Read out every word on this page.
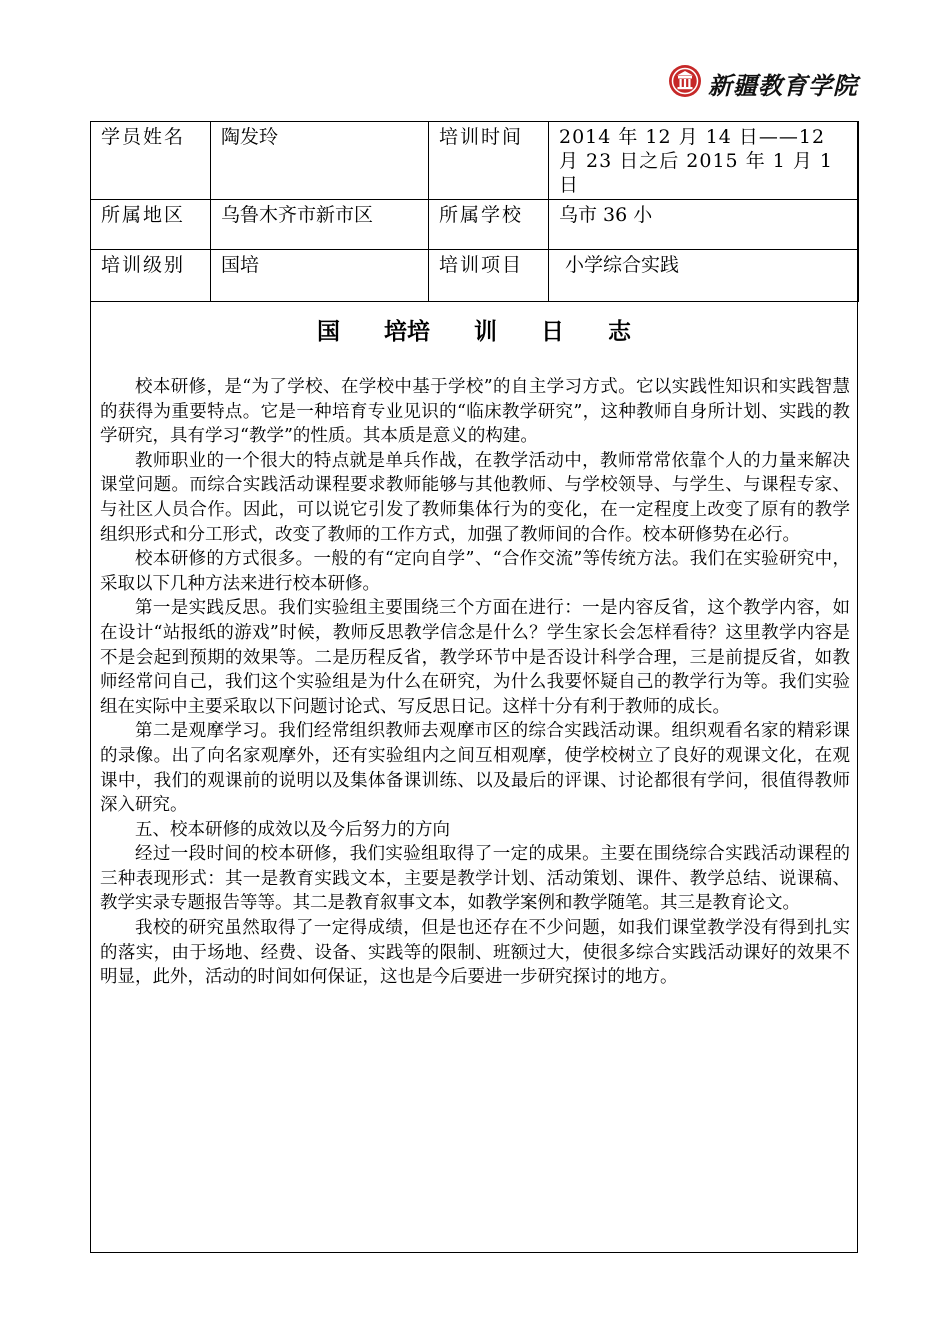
新疆教育学院
学员姓名	陶发玲	培训时间	2014 年 12 月 14 日——12 月 23 日之后 2015 年 1 月 1 日
所属地区	乌鲁木齐市新市区	所属学校	乌市 36 小
培训级别	国培	培训项目	小学综合实践
国 培培 训 日 志

校本研修，是“为了学校、在学校中基于学校”的自主学习方式。它以实践性知识和实践智慧的获得为重要特点。它是一种培育专业见识的“临床教学研究”，这种教师自身所计划、实践的教学研究，具有学习“教学”的性质。其本质是意义的构建。

教师职业的一个很大的特点就是单兵作战，在教学活动中，教师常常依靠个人的力量来解决课堂问题。而综合实践活动课程要求教师能够与其他教师、与学校领导、与学生、与课程专家、与社区人员合作。因此，可以说它引发了教师集体行为的变化，在一定程度上改变了原有的教学组织形式和分工形式，改变了教师的工作方式，加强了教师间的合作。校本研修势在必行。

校本研修的方式很多。一般的有“定向自学”、“合作交流”等传统方法。我们在实验研究中，采取以下几种方法来进行校本研修。

第一是实践反思。我们实验组主要围绕三个方面在进行：一是内容反省，这个教学内容，如在设计“站报纸的游戏”时候，教师反思教学信念是什么？学生家长会怎样看待？这里教学内容是不是会起到预期的效果等。二是历程反省，教学环节中是否设计科学合理，三是前提反省，如教师经常问自己，我们这个实验组是为什么在研究，为什么我要怀疑自己的教学行为等。我们实验组在实际中主要采取以下问题讨论式、写反思日记。这样十分有利于教师的成长。

第二是观摩学习。我们经常组织教师去观摩市区的综合实践活动课。组织观看名家的精彩课的录像。出了向名家观摩外，还有实验组内之间互相观摩，使学校树立了良好的观课文化，在观课中，我们的观课前的说明以及集体备课训练、以及最后的评课、讨论都很有学问，很值得教师深入研究。

五、校本研修的成效以及今后努力的方向

经过一段时间的校本研修，我们实验组取得了一定的成果。主要在围绕综合实践活动课程的三种表现形式：其一是教育实践文本，主要是教学计划、活动策划、课件、教学总结、说课稿、教学实录专题报告等等。其二是教育叙事文本，如教学案例和教学随笔。其三是教育论文。

我校的研究虽然取得了一定得成绩，但是也还存在不少问题，如我们课堂教学没有得到扎实的落实，由于场地、经费、设备、实践等的限制、班额过大，使很多综合实践活动课好的效果不明显，此外，活动的时间如何保证，这也是今后要进一步研究探讨的地方。
